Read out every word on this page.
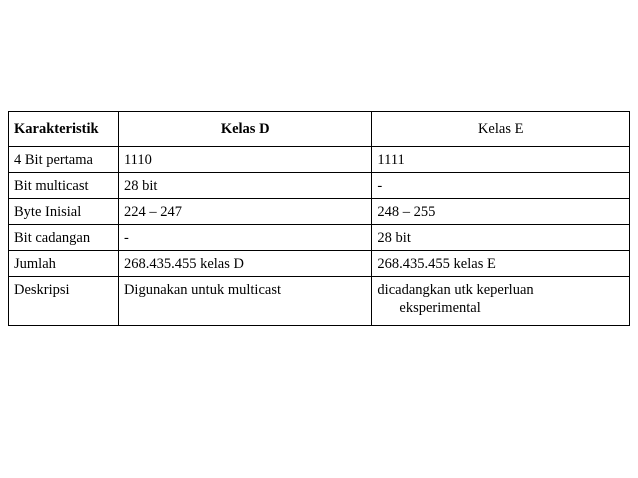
Karakteristik	Kelas D	Kelas E
4 Bit pertama	1110	1111
Bit multicast	28 bit	-
Byte Inisial	224 – 247	248 – 255
Bit cadangan	-	28 bit
Jumlah	268.435.455 kelas D	268.435.455 kelas E
Deskripsi	Digunakan untuk multicast	dicadangkan utk keperluan
eksperimental
